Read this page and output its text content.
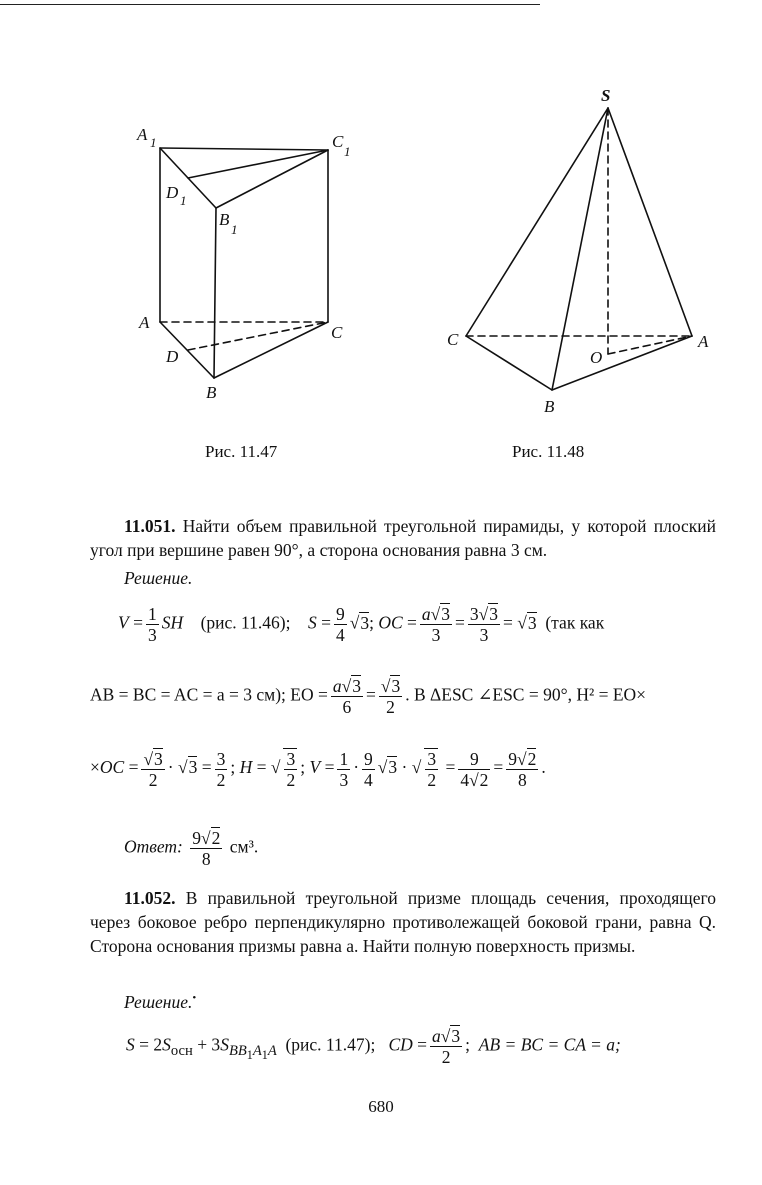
A 1	C
1
D 1
B
1
A
C
D
B
S
C	A
O
B
Рис. 11.47	Рис. 11.48
11.051. Найти объем правильной треугольной пирамиды, у которой плоский угол при вершине равен 90°, а сторона основания равна 3 см.
Решение.
$V = \frac{1}{3}$ SH (рис. 11.46); $S = \frac{9}{4} √3$; OC = $\frac{a√3}{3} = \frac{3√3}{3} = √3$ (так как
AB = BC = AC = a = 3 см); EO = $\frac{a√3}{6} = \frac{√3}{2}$ . В ΔESC ∠ESC = 90°, H² = EO×
$\times OC = \frac{√3}{2} \cdot √3 = \frac{3}{2}$ ; H = √ $\frac{3}{2}$ ; $V = \frac{1}{3} \cdot \frac{9}{4} √3$ · √ $\frac{3}{2} = \frac{9}{4√2} = \frac{9√2}{8}$ .
Ответ: $\frac{9√2}{8} см^3$.
11.052. В правильной треугольной призме площадь сечения, проходящего через боковое ребро перпендикулярно противолежащей боковой грани, равна Q. Сторона основания призмы равна a. Найти полную поверхность призмы.
Решение.•
$S = 2S_{осн} + 3S_{BB_1A_1A}$ (рис. 11.47); CD = $\frac{a√3}{2}$ ;  AB = BC = CA = a;
680
